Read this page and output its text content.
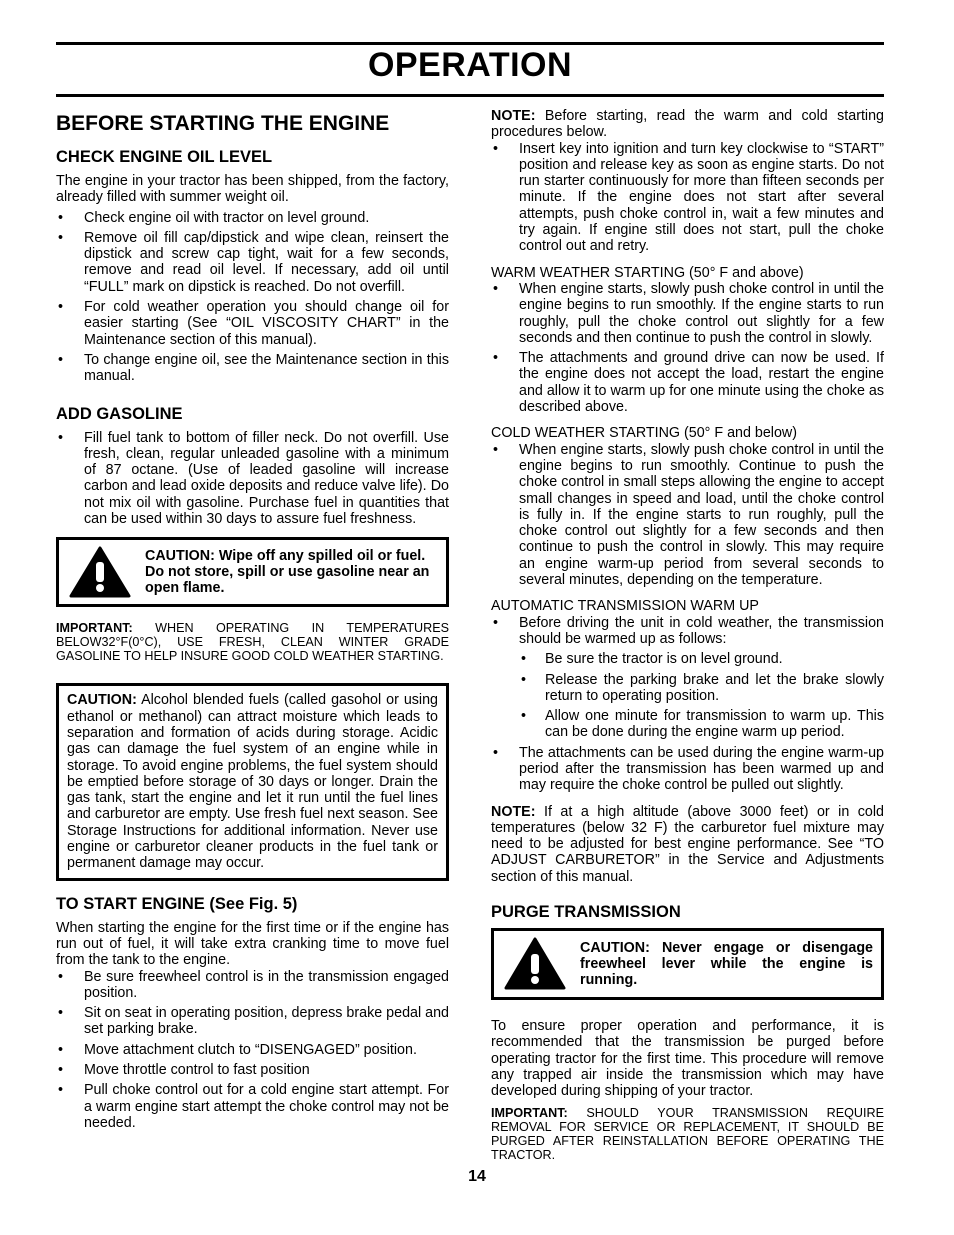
OPERATION
BEFORE STARTING THE ENGINE
CHECK ENGINE OIL LEVEL

The engine in your tractor has been shipped, from the factory, already filled with summer weight oil.

• Check engine oil with tractor on level ground.
• Remove oil fill cap/dipstick and wipe clean, reinsert the dipstick and screw cap tight, wait for a few seconds, remove and read oil level. If necessary, add oil until “FULL” mark on dipstick is reached. Do not overfill.
• For cold weather operation you should change oil for easier starting (See “OIL VISCOSITY CHART” in the Maintenance section of this manual).
• To change engine oil, see the Maintenance section in this manual.
ADD GASOLINE
• Fill fuel tank to bottom of filler neck. Do not overfill. Use fresh, clean, regular unleaded gasoline with a minimum of 87 octane. (Use of leaded gasoline will increase carbon and lead oxide deposits and reduce valve life). Do not mix oil with gasoline. Purchase fuel in quantities that can be used within 30 days to assure fuel freshness.
CAUTION: Wipe off any spilled oil or fuel. Do not store, spill or use gasoline near an open flame.

IMPORTANT: WHEN OPERATING IN TEMPERATURES BELOW32°F(0°C), USE FRESH, CLEAN WINTER GRADE GASOLINE TO HELP INSURE GOOD COLD WEATHER STARTING.

CAUTION: Alcohol blended fuels (called gasohol or using ethanol or methanol) can attract moisture which leads to separation and formation of acids during storage. Acidic gas can damage the fuel system of an engine while in storage. To avoid engine problems, the fuel system should be emptied before storage of 30 days or longer. Drain the gas tank, start the engine and let it run until the fuel lines and carburetor are empty. Use fresh fuel next season. See Storage Instructions for additional information. Never use engine or carburetor cleaner products in the fuel tank or permanent damage may occur.

TO START ENGINE (See Fig. 5)

When starting the engine for the first time or if the engine has run out of fuel, it will take extra cranking time to move fuel from the tank to the engine.

• Be sure freewheel control is in the transmission engaged position.
• Sit on seat in operating position, depress brake pedal and set parking brake.
• Move attachment clutch to “DISENGAGED” position.
• Move throttle control to fast position
• Pull choke control out for a cold engine start attempt. For a warm engine start attempt the choke control may not be needed.

NOTE: Before starting, read the warm and cold starting procedures below.

• Insert key into ignition and turn key clockwise to “START” position and release key as soon as engine starts. Do not run starter continuously for more than fifteen seconds per minute. If the engine does not start after several attempts, push choke control in, wait a few minutes and try again. If engine still does not start, pull the choke control out and retry.

WARM WEATHER STARTING (50° F and above)

• When engine starts, slowly push choke control in until the engine begins to run smoothly. If the engine starts to run roughly, pull the choke control out slightly for a few seconds and then continue to push the control in slowly.
• The attachments and ground drive can now be used. If the engine does not accept the load, restart the engine and allow it to warm up for one minute using the choke as described above.

COLD WEATHER STARTING (50° F and below)

• When engine starts, slowly push choke control in until the engine begins to run smoothly. Continue to push the choke control in small steps allowing the engine to accept small changes in speed and load, until the choke control is fully in. If the engine starts to run roughly, pull the choke control out slightly for a few seconds and then continue to push the control in slowly. This may require an engine warm-up period from several seconds to several minutes, depending on the temperature.

AUTOMATIC TRANSMISSION WARM UP

• Before driving the unit in cold weather, the transmission should be warmed up as follows:
• Be sure the tractor is on level ground.
• Release the parking brake and let the brake slowly return to operating position.
• Allow one minute for transmission to warm up. This can be done during the engine warm up period.
• The attachments can be used during the engine warm-up period after the transmission has been warmed up and may require the choke control be pulled out slightly.

NOTE: If at a high altitude (above 3000 feet) or in cold temperatures (below 32 F) the carburetor fuel mixture may need to be adjusted for best engine performance. See “TO ADJUST CARBURETOR” in the Service and Adjustments section of this manual.

PURGE TRANSMISSION
CAUTION: Never engage or disengage freewheel lever while the engine is running.

To ensure proper operation and performance, it is recommended that the transmission be purged before operating tractor for the first time. This procedure will remove any trapped air inside the transmission which may have developed during shipping of your tractor.

IMPORTANT: SHOULD YOUR TRANSMISSION REQUIRE REMOVAL FOR SERVICE OR REPLACEMENT, IT SHOULD BE PURGED AFTER REINSTALLATION BEFORE OPERATING THE TRACTOR.

14
